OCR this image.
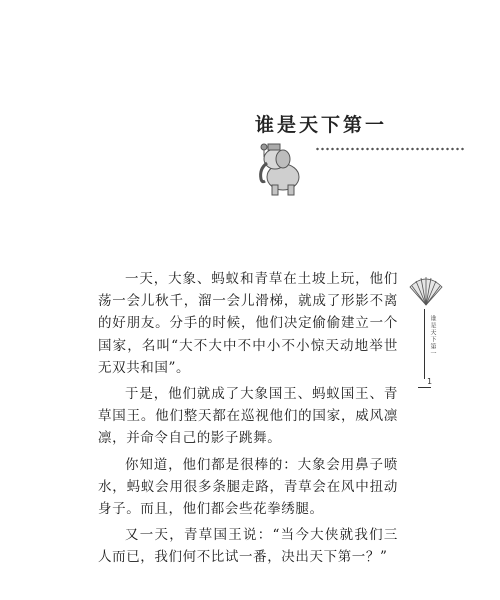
谁是天下第一

一天，大象、蚂蚁和青草在土坡上玩，他们荡一会儿秋千，溜一会儿滑梯，就成了形影不离的好朋友。分手的时候，他们决定偷偷建立一个国家，名叫“大不大中不中小不小惊天动地举世无双共和国”。

于是，他们就成了大象国王、蚂蚁国王、青草国王。他们整天都在巡视他们的国家，威风凛凛，并命令自己的影子跳舞。

你知道，他们都是很棒的：大象会用鼻子喷水，蚂蚁会用很多条腿走路，青草会在风中扭动身子。而且，他们都会些花拳绣腿。

又一天，青草国王说：“当今大侠就我们三人而已，我们何不比试一番，决出天下第一？”

谁是天下第一
1
